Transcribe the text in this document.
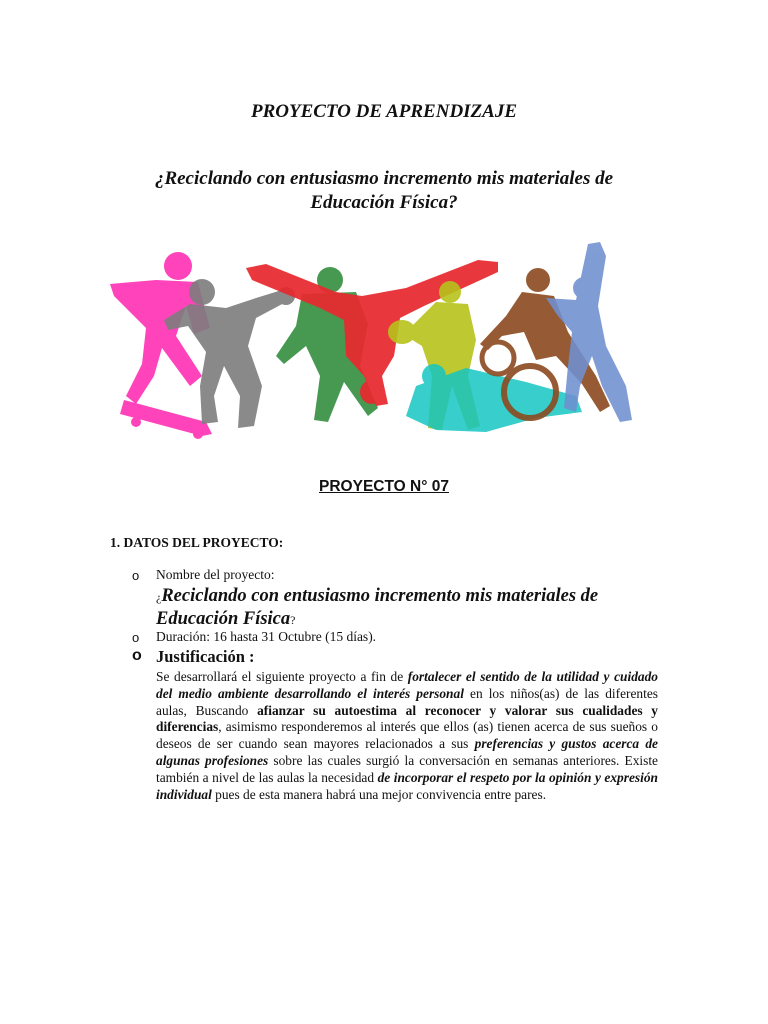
PROYECTO DE APRENDIZAJE
¿Reciclando con entusiasmo incremento mis materiales de
Educación Física?
PROYECTO N° 07
1. DATOS DEL PROYECTO:
o Nombre del proyecto:
¿Reciclando con entusiasmo incremento mis materiales de
Educación Física?
o Duración: 16 hasta 31 Octubre (15 días).
o Justificación :
Se desarrollará el siguiente proyecto a fin de fortalecer el sentido de la utilidad y cuidado del medio ambiente desarrollando el interés personal en los niños(as) de las diferentes aulas, Buscando afianzar su autoestima al reconocer y valorar sus cualidades y diferencias, asimismo responderemos al interés que ellos (as) tienen acerca de sus sueños o deseos de ser cuando sean mayores relacionados a sus preferencias y gustos acerca de algunas profesiones sobre las cuales surgió la conversación en semanas anteriores. Existe también a nivel de las aulas la necesidad de incorporar el respeto por la opinión y expresión individual pues de esta manera habrá una mejor convivencia entre pares.
